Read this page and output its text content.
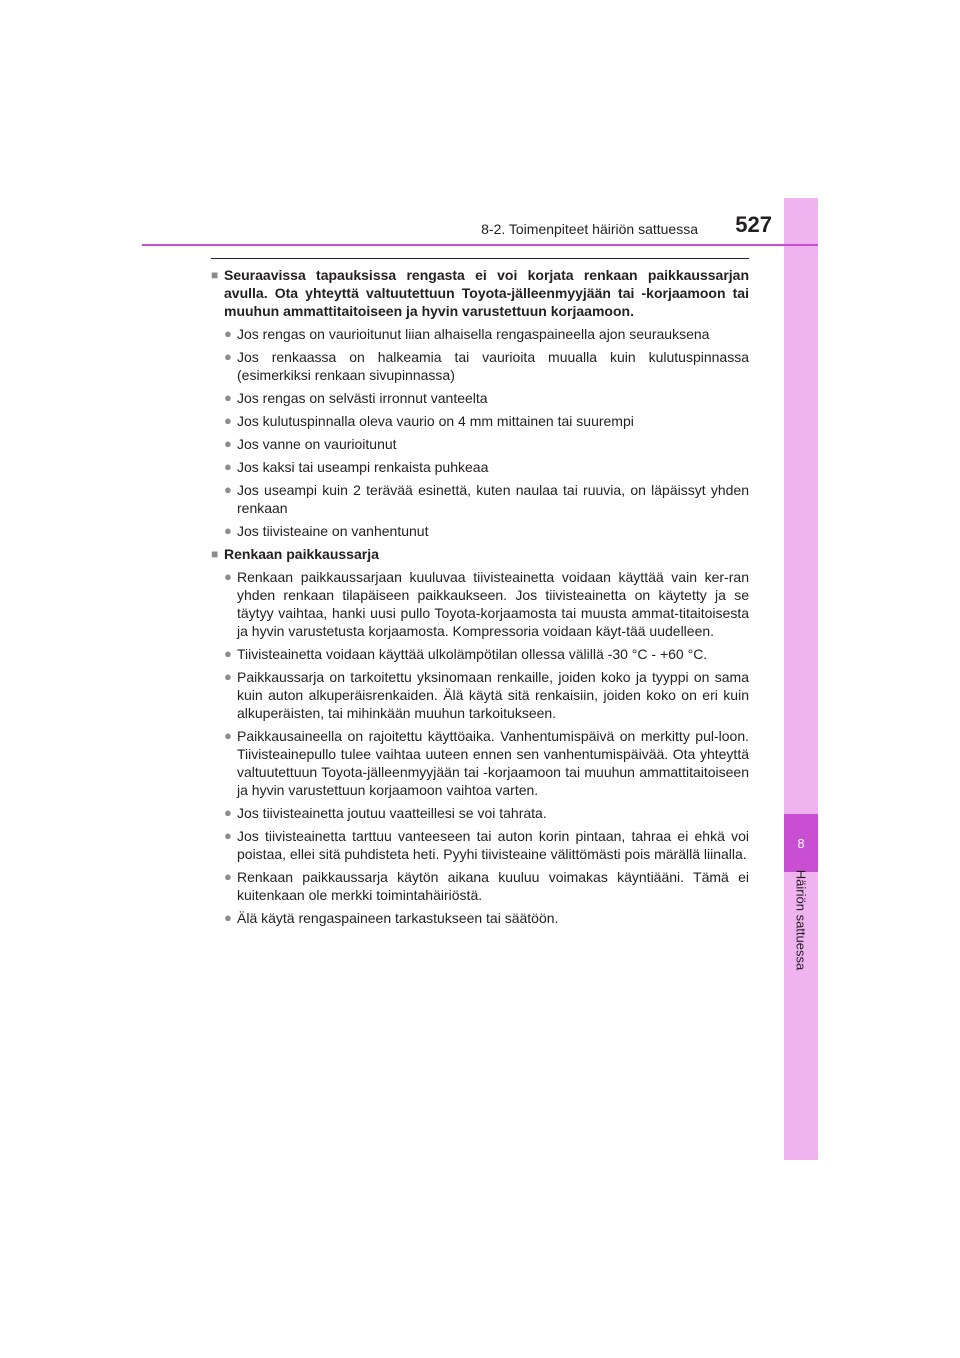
8
Häiriön sattuessa
8-2. Toimenpiteet häiriön sattuessa	527
■ Seuraavissa tapauksissa rengasta ei voi korjata renkaan paikkaussarjan avulla. Ota yhteyttä valtuutettuun Toyota-jälleenmyyjään tai -korjaamoon tai muuhun ammattitaitoiseen ja hyvin varustettuun korjaamoon.
● Jos rengas on vaurioitunut liian alhaisella rengaspaineella ajon seurauksena
● Jos renkaassa on halkeamia tai vaurioita muualla kuin kulutuspinnassa (esimerkiksi renkaan sivupinnassa)
● Jos rengas on selvästi irronnut vanteelta
● Jos kulutuspinnalla oleva vaurio on 4 mm mittainen tai suurempi
● Jos vanne on vaurioitunut
● Jos kaksi tai useampi renkaista puhkeaa
● Jos useampi kuin 2 terävää esinettä, kuten naulaa tai ruuvia, on läpäissyt yhden renkaan
● Jos tiivisteaine on vanhentunut
■ Renkaan paikkaussarja
● Renkaan paikkaussarjaan kuuluvaa tiivisteainetta voidaan käyttää vain ker-ran yhden renkaan tilapäiseen paikkaukseen. Jos tiivisteainetta on käytetty ja se täytyy vaihtaa, hanki uusi pullo Toyota-korjaamosta tai muusta ammat-titaitoisesta ja hyvin varustetusta korjaamosta. Kompressoria voidaan käyt-tää uudelleen.
● Tiivisteainetta voidaan käyttää ulkolämpötilan ollessa välillä -30 °C - +60 °C.
● Paikkaussarja on tarkoitettu yksinomaan renkaille, joiden koko ja tyyppi on sama kuin auton alkuperäisrenkaiden. Älä käytä sitä renkaisiin, joiden koko on eri kuin alkuperäisten, tai mihinkään muuhun tarkoitukseen.
● Paikkausaineella on rajoitettu käyttöaika. Vanhentumispäivä on merkitty pul-loon. Tiivisteainepullo tulee vaihtaa uuteen ennen sen vanhentumispäivää. Ota yhteyttä valtuutettuun Toyota-jälleenmyyjään tai -korjaamoon tai muuhun ammattitaitoiseen ja hyvin varustettuun korjaamoon vaihtoa varten.
● Jos tiivisteainetta joutuu vaatteillesi se voi tahrata.
● Jos tiivisteainetta tarttuu vanteeseen tai auton korin pintaan, tahraa ei ehkä voi poistaa, ellei sitä puhdisteta heti. Pyyhi tiivisteaine välittömästi pois märällä liinalla.
● Renkaan paikkaussarja käytön aikana kuuluu voimakas käyntiääni. Tämä ei kuitenkaan ole merkki toimintahäiriöstä.
● Älä käytä rengaspaineen tarkastukseen tai säätöön.
